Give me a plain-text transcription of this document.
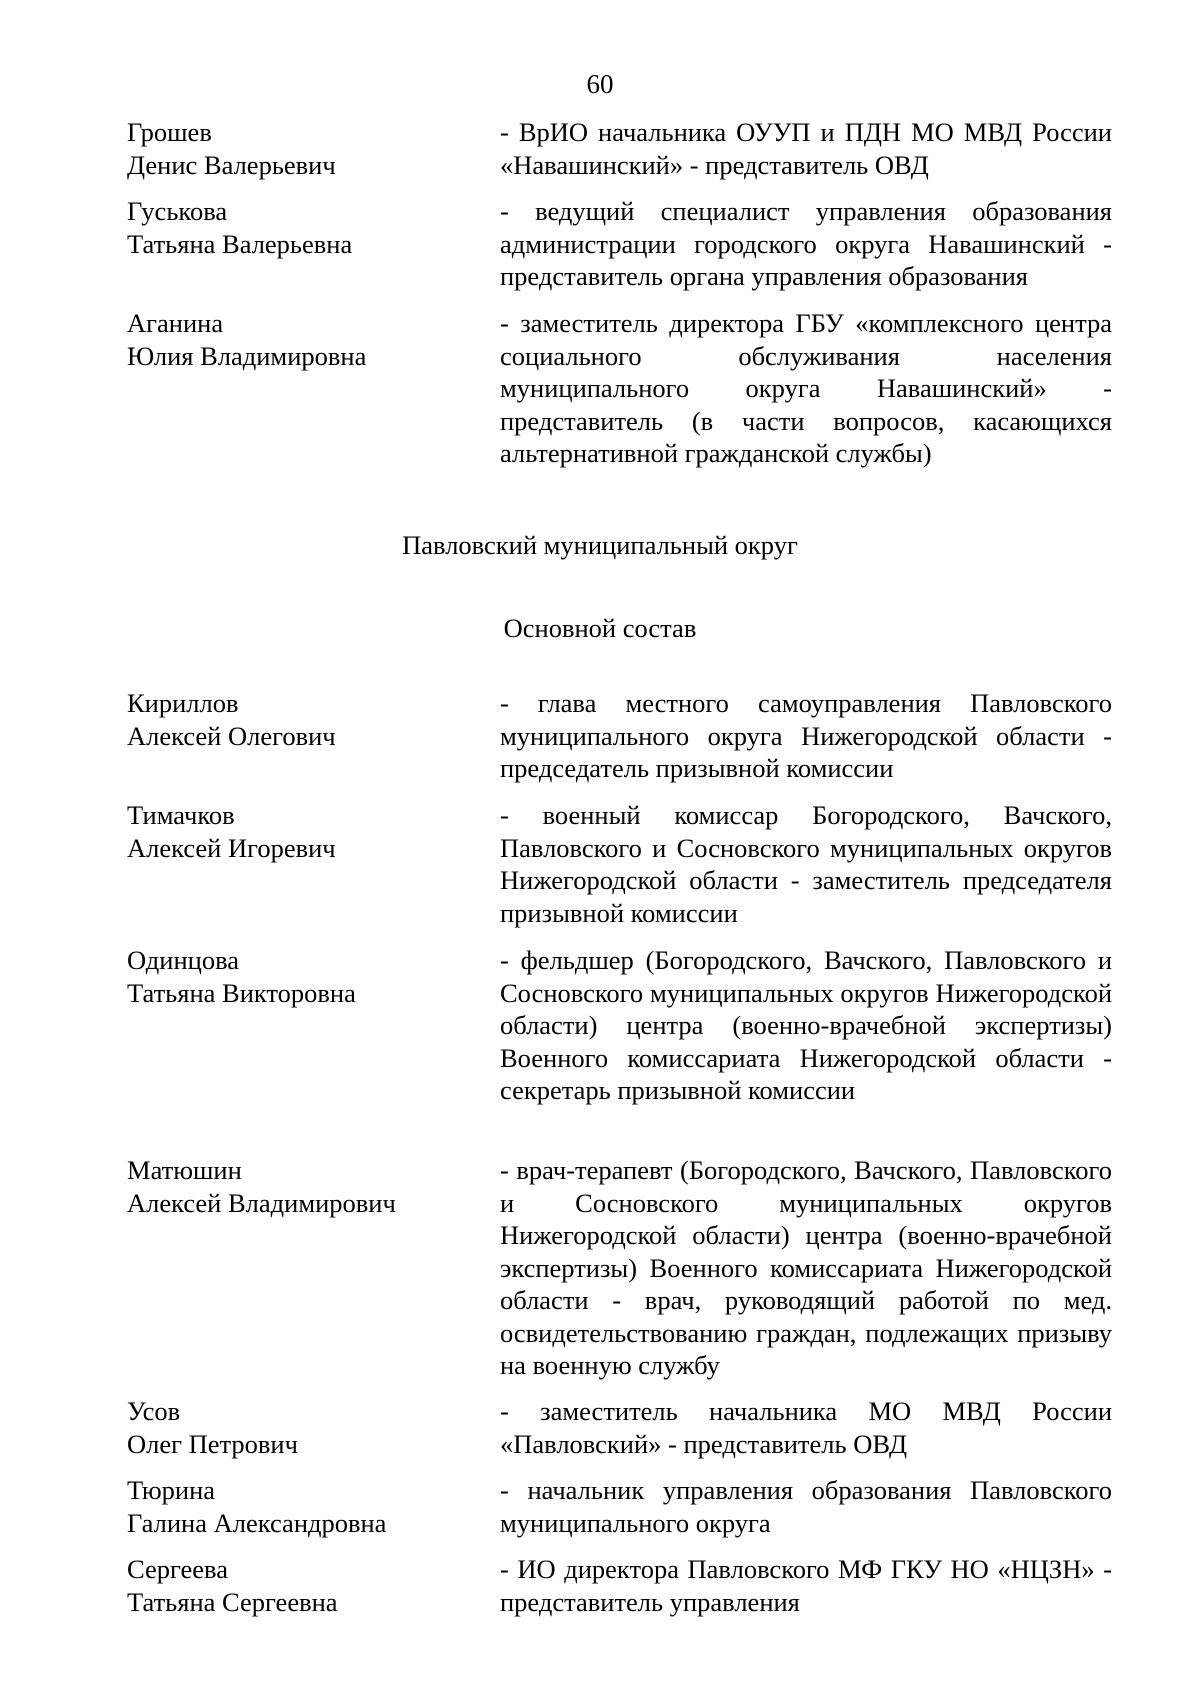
60
Грошев
Денис Валерьевич
- ВрИО начальника ОУУП и ПДН МО МВД России «Навашинский» - представитель ОВД
Гуськова
Татьяна Валерьевна
- ведущий специалист управления образования администрации городского округа Навашинский - представитель органа управления образования
Аганина
Юлия Владимировна
- заместитель директора ГБУ «комплексного центра социального обслуживания населения муниципального округа Навашинский» - представитель (в части вопросов, касающихся альтернативной гражданской службы)
Павловский муниципальный округ
Основной состав
Кириллов
Алексей Олегович
- глава местного самоуправления Павловского муниципального округа Нижегородской области - председатель призывной комиссии
Тимачков
Алексей Игоревич
- военный комиссар Богородского, Вачского, Павловского и Сосновского муниципальных округов Нижегородской области - заместитель председателя призывной комиссии
Одинцова
Татьяна Викторовна
- фельдшер (Богородского, Вачского, Павловского и Сосновского муниципальных округов Нижегородской области) центра (военно-врачебной экспертизы) Военного комиссариата Нижегородской области - секретарь призывной комиссии
Матюшин
Алексей Владимирович
- врач-терапевт (Богородского, Вачского, Павловского и Сосновского муниципальных округов Нижегородской области) центра (военно-врачебной экспертизы) Военного комиссариата Нижегородской области - врач, руководящий работой по мед. освидетельствованию граждан, подлежащих призыву на военную службу
Усов
Олег Петрович
- заместитель начальника МО МВД России «Павловский» - представитель ОВД
Тюрина
Галина Александровна
- начальник управления образования Павловского муниципального округа
Сергеева
Татьяна Сергеевна
- ИО директора Павловского МФ ГКУ НО «НЦЗН» - представитель управления
